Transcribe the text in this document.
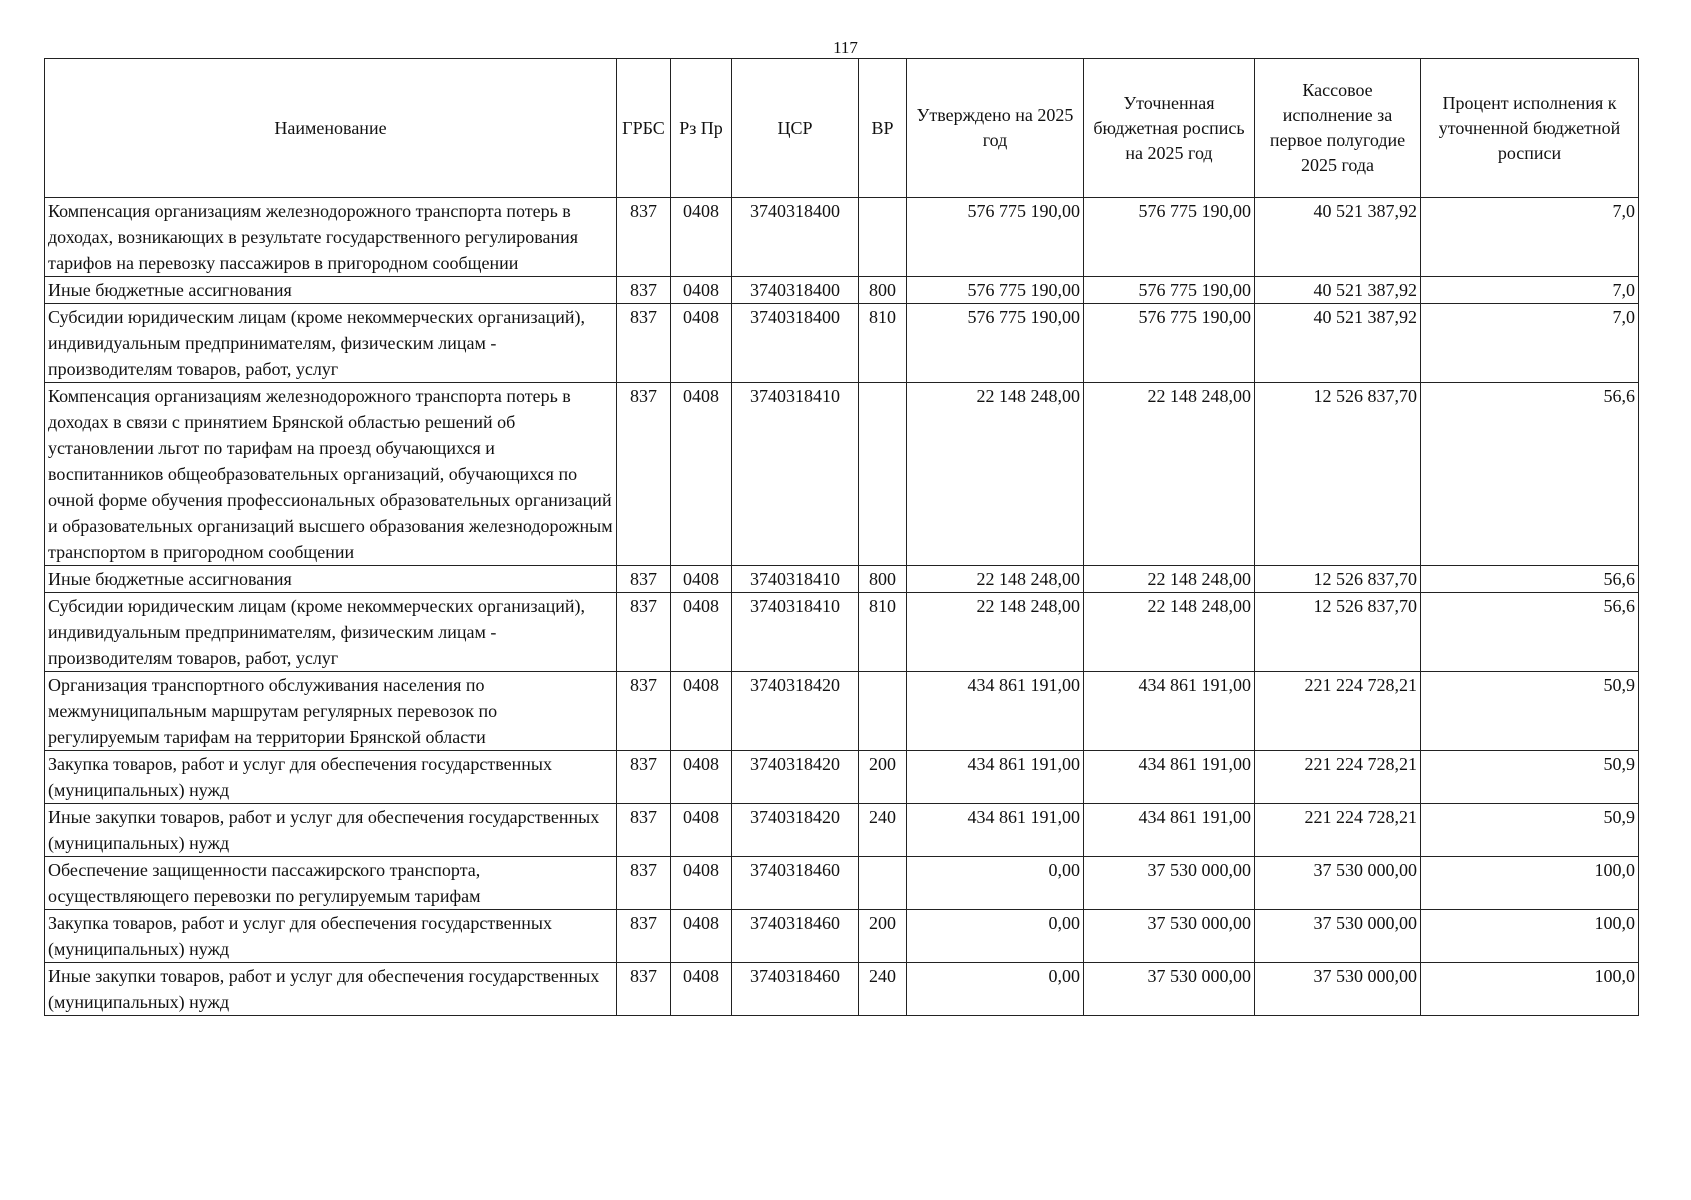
117
Наименование	ГРБС	Рз Пр	ЦСР	ВР	Утверждено на 2025 год	Уточненная бюджетная роспись на 2025 год	Кассовое исполнение за первое полугодие 2025 года	Процент исполнения к уточненной бюджетной росписи
Компенсация организациям железнодорожного транспорта потерь в доходах, возникающих в результате государственного регулирования тарифов на перевозку пассажиров в пригородном сообщении	837	0408	3740318400		576 775 190,00	576 775 190,00	40 521 387,92	7,0
Иные бюджетные ассигнования	837	0408	3740318400	800	576 775 190,00	576 775 190,00	40 521 387,92	7,0
Субсидии юридическим лицам (кроме некоммерческих организаций), индивидуальным предпринимателям, физическим лицам - производителям товаров, работ, услуг	837	0408	3740318400	810	576 775 190,00	576 775 190,00	40 521 387,92	7,0
Компенсация организациям железнодорожного транспорта потерь в доходах в связи с принятием Брянской областью решений об установлении льгот по тарифам на проезд обучающихся и воспитанников общеобразовательных организаций, обучающихся по очной форме обучения профессиональных образовательных организаций и образовательных организаций высшего образования железнодорожным транспортом в пригородном сообщении	837	0408	3740318410		22 148 248,00	22 148 248,00	12 526 837,70	56,6
Иные бюджетные ассигнования	837	0408	3740318410	800	22 148 248,00	22 148 248,00	12 526 837,70	56,6
Субсидии юридическим лицам (кроме некоммерческих организаций), индивидуальным предпринимателям, физическим лицам - производителям товаров, работ, услуг	837	0408	3740318410	810	22 148 248,00	22 148 248,00	12 526 837,70	56,6
Организация транспортного обслуживания населения по межмуниципальным маршрутам регулярных перевозок по регулируемым тарифам на территории Брянской области	837	0408	3740318420		434 861 191,00	434 861 191,00	221 224 728,21	50,9
Закупка товаров, работ и услуг для обеспечения государственных (муниципальных) нужд	837	0408	3740318420	200	434 861 191,00	434 861 191,00	221 224 728,21	50,9
Иные закупки товаров, работ и услуг для обеспечения государственных (муниципальных) нужд	837	0408	3740318420	240	434 861 191,00	434 861 191,00	221 224 728,21	50,9
Обеспечение защищенности пассажирского транспорта, осуществляющего перевозки по регулируемым тарифам	837	0408	3740318460		0,00	37 530 000,00	37 530 000,00	100,0
Закупка товаров, работ и услуг для обеспечения государственных (муниципальных) нужд	837	0408	3740318460	200	0,00	37 530 000,00	37 530 000,00	100,0
Иные закупки товаров, работ и услуг для обеспечения государственных (муниципальных) нужд	837	0408	3740318460	240	0,00	37 530 000,00	37 530 000,00	100,0
